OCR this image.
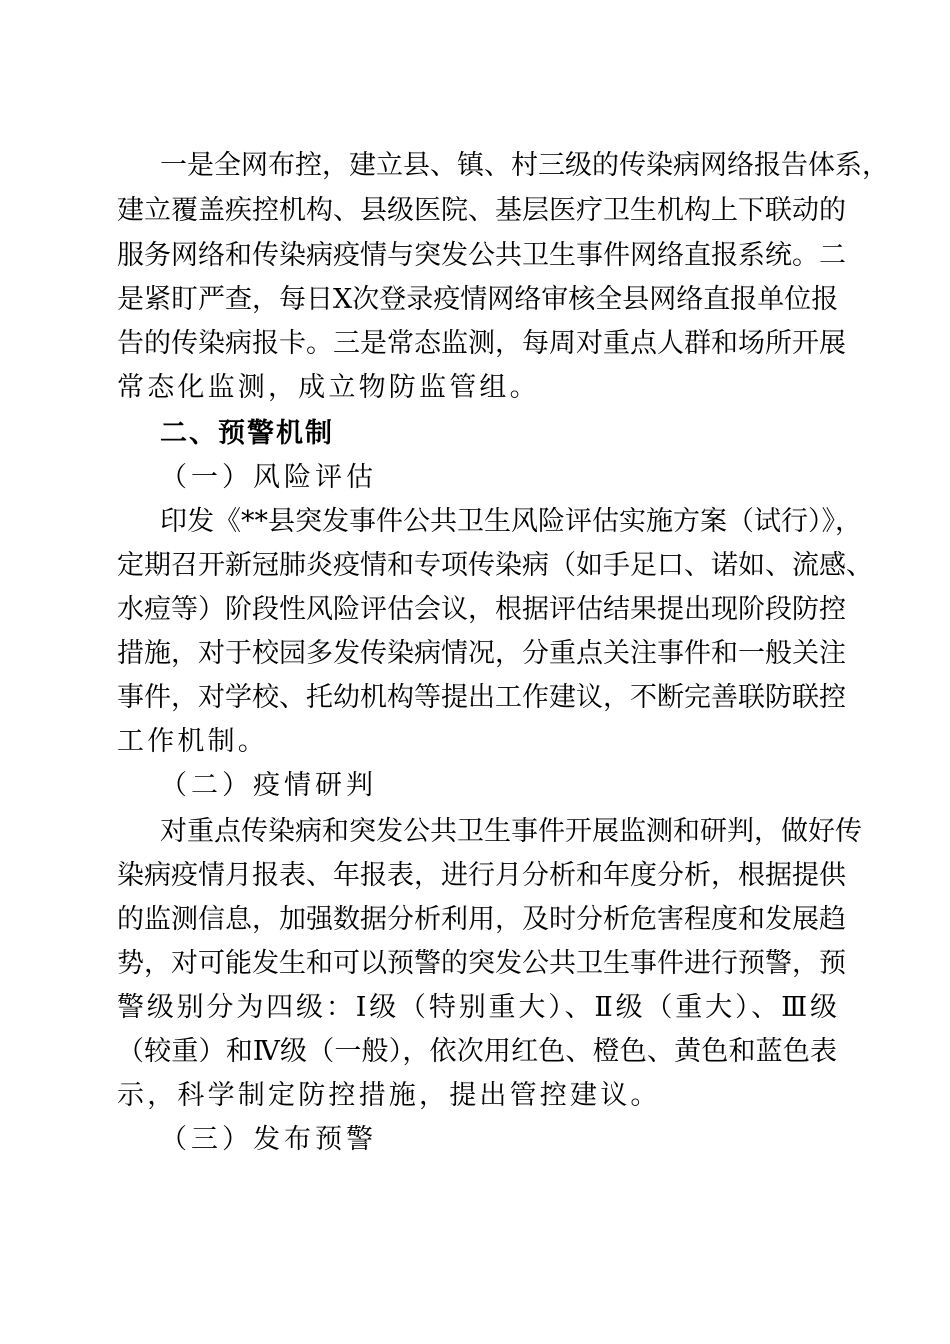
一是全网布控，建立县、镇、村三级的传染病网络报告体系，
建立覆盖疾控机构、县级医院、基层医疗卫生机构上下联动的
服务网络和传染病疫情与突发公共卫生事件网络直报系统。二
是紧盯严查，每日X次登录疫情网络审核全县网络直报单位报
告的传染病报卡。三是常态监测，每周对重点人群和场所开展
常态化监测，成立物防监管组。
二、预警机制
（一）风险评估
印发《**县突发事件公共卫生风险评估实施方案（试行）》，
定期召开新冠肺炎疫情和专项传染病（如手足口、诺如、流感、
水痘等）阶段性风险评估会议，根据评估结果提出现阶段防控
措施，对于校园多发传染病情况，分重点关注事件和一般关注
事件，对学校、托幼机构等提出工作建议，不断完善联防联控
工作机制。
（二）疫情研判
对重点传染病和突发公共卫生事件开展监测和研判，做好传
染病疫情月报表、年报表，进行月分析和年度分析，根据提供
的监测信息，加强数据分析利用，及时分析危害程度和发展趋
势，对可能发生和可以预警的突发公共卫生事件进行预警，预
警级别分为四级：Ⅰ级（特别重大）、Ⅱ级（重大）、Ⅲ级
（较重）和Ⅳ级（一般），依次用红色、橙色、黄色和蓝色表
示，科学制定防控措施，提出管控建议。
（三）发布预警
